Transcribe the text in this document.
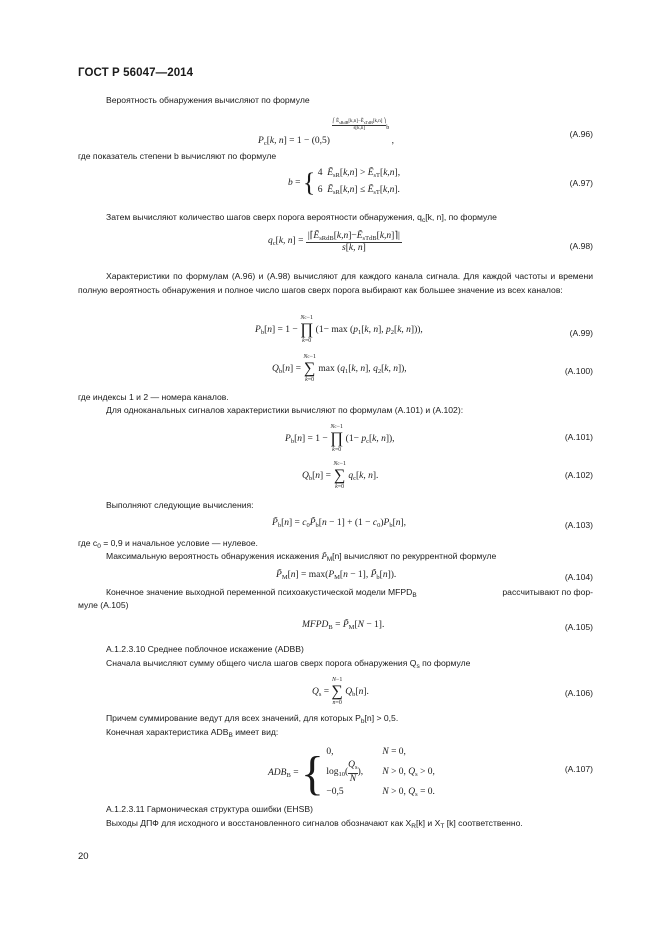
ГОСТ Р 56047—2014
Вероятность обнаружения вычисляют по формуле
$P_c[k$, n] = 1 − (0,5)
⎛ Ẽ$_{sRdB}$[k,n]−Ẽ$_{sTdB}$[k,n] ⎞
s[k,n]	$^b$ ,
(А.96)
где показатель степени b вычисляют по формуле
b = { 4  Ẽ$_{sR}$[k,n] > Ẽ$_{sT}$[k,n],
6  Ẽ$_{sR}$[k,n] ≤ Ẽ$_{sT}$[k,n].
(А.97)
Затем вычисляют количество шагов сверх порога вероятности обнаружения, $q_c[k$, n], по формуле
$q_c[k$, n] = |⌈Ẽ$_{sRdB}$[k,n]−Ẽ$_{sTdB}$[k,n]⌉|
s[k, n]	(А.98)
Характеристики по формулам (А.96) и (А.98) вычисляют для каждого канала сигнала. Для каждой частоты и времени полную вероятность обнаружения и полное число шагов сверх порога выбирают как большее значение из всех каналов:
$P_b[n] = 1$ −
Nc−1
∏
k=0
($1- \max (p_1[k$, n], $p_2[k$, n])),	(А.99)
$Q_b[n]$ =
Nc−1
∑
k=0
$\max (q_1[k$, n], $q_2[k$, n]),	(А.100)
где индексы 1 и 2 — номера каналов.
Для одноканальных сигналов характеристики вычисляют по формулам (А.101) и (А.102):
$P_b[n] = 1$ −
Nc−1
∏
k=0
($1- p_c[k$, n]),	(А.101)
$Q_b[n]$ =
Nc−1
∑
k=0
$q_c[k$, n].	(А.102)
Выполняют следующие вычисления:
$P̃_b[n]$ = $c_0P̃_b[n - 1] + (1 - c_0)P_b[n]$,	(А.103)
где $c_0 = 0,9$ и начальное условие — нулевое.
Максимальную вероятность обнаружения искажения $P̃_M[n]$ вычисляют по рекуррентной формуле
$P̃_M[n] = \max(P_M[n - 1]$, $P̃_b[n]$).	(А.104)
Конечное значение выходной переменной психоакустической модели $MFPD_B$	рассчитывают по фор-
муле (А.105)
$MFPD_B$ = $P̃_M[N - 1]$.	(А.105)
А.1.2.3.10 Среднее поблочное искажение (ADBB)
Сначала вычисляют сумму общего числа шагов сверх порога обнаружения $Q_s$ по формуле
$Q_s$ =
N−1
∑
n=0
$Q_b[n]$.	(А.106)
Причем суммирование ведут для всех значений, для которых $P_b[n] > 0,5$.
Конечная характеристика $ADB_B$ имеет вид:
$ADB_B$ = { 0,	N = 0,
$\log_{10}( \frac{Q_s}{N}$ ), N > 0, $Q_s > 0$,
−0,5	N > 0, $Q_s = 0$.
(А.107)
А.1.2.3.11 Гармоническая структура ошибки (EHSB)
Выходы ДПФ для исходного и восстановленного сигналов обозначают как $X_R[k]$ и $X_T$ [k] соответственно.
20
